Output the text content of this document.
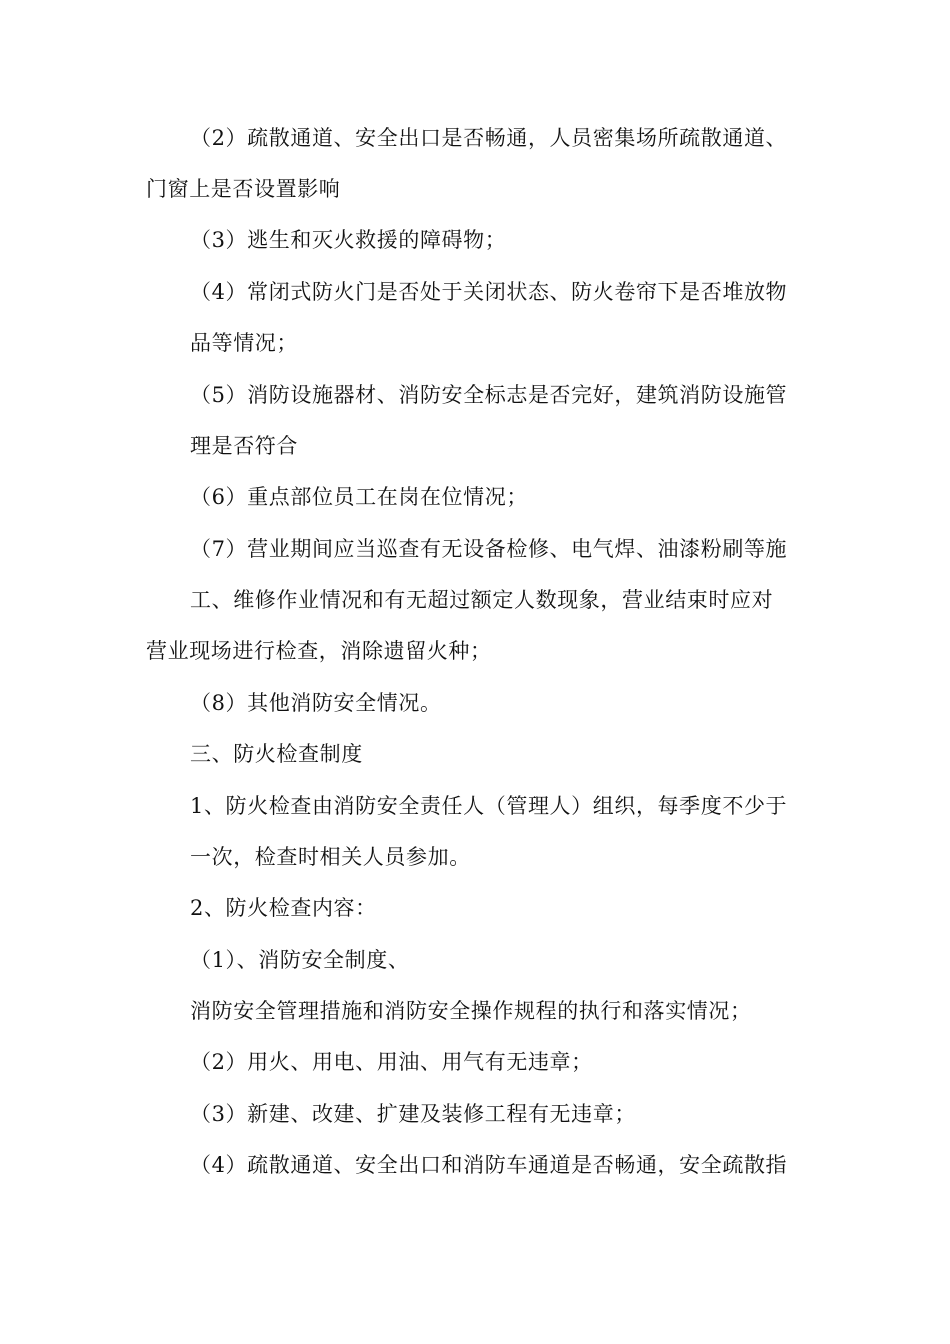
（2）疏散通道、安全出口是否畅通，人员密集场所疏散通道、
门窗上是否设置影响
（3）逃生和灭火救援的障碍物；
（4）常闭式防火门是否处于关闭状态、防火卷帘下是否堆放物
品等情况；
（5）消防设施器材、消防安全标志是否完好，建筑消防设施管
理是否符合
（6）重点部位员工在岗在位情况；
（7）营业期间应当巡查有无设备检修、电气焊、油漆粉刷等施
工、维修作业情况和有无超过额定人数现象，营业结束时应对
营业现场进行检查，消除遗留火种；
（8）其他消防安全情况。
三、防火检查制度
1、防火检查由消防安全责任人（管理人）组织，每季度不少于
一次，检查时相关人员参加。
2、防火检查内容：
（1）、消防安全制度、
消防安全管理措施和消防安全操作规程的执行和落实情况；
（2）用火、用电、用油、用气有无违章；
（3）新建、改建、扩建及装修工程有无违章；
（4）疏散通道、安全出口和消防车通道是否畅通，安全疏散指
